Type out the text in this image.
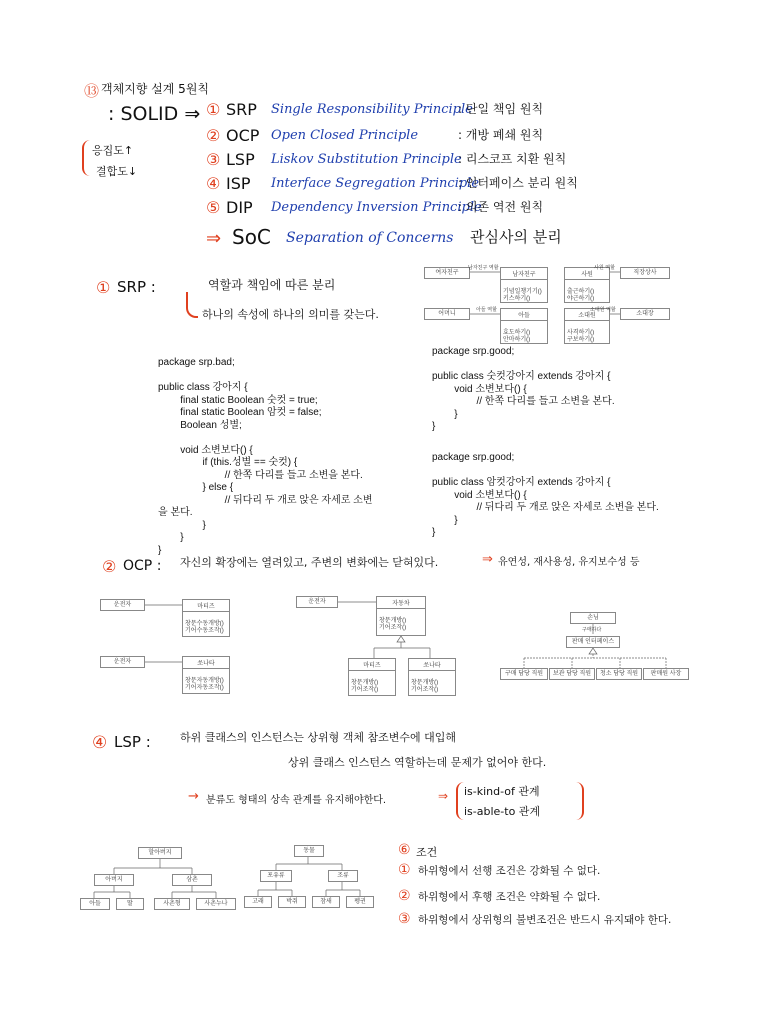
⑬ 객체지향 설계 5원칙
: SOLID ⇒
응집도↑
결합도↓
① SRP Single Responsibility Principle
: 단일 책임 원칙
② OCP Open Closed Principle	: 개방 폐쇄 원칙
③ LSP Liskov Substitution Principle
: 리스코프 치환 원칙
④ ISP Interface Segregation Principle
: 인터페이스 분리 원칙
⑤ DIP Dependency Inversion Principle
: 의존 역전 원칙
⇒ SoC Separation of Concerns 관심사의 분리
① SRP :	역할과 책임에 따른 분리
하나의 속성에 하나의 의미를 갖는다.
여자친구	남자친구
기념일챙기기()
키스하기()
사원
출근하기()
야근하기()
직장상사
어머니	아들
효도하기()
안마하기()
소대원
사격하기()
구보하기()
소대장
남자친구 역할	사원 역할
아들 역할	소대원 역할
package srp.bad;

public class 강아지 {
final static Boolean 숫컷 = true;
final static Boolean 암컷 = false;
Boolean 성별;

void 소변보다() {
if (this.성별 == 숫컷) {
// 한쪽 다리를 들고 소변을 본다.
} else {
// 뒤다리 두 개로 앉은 자세로 소변
을 본다.
}
}
}
package srp.good;

public class 숫컷강아지 extends 강아지 {
void 소변보다() {
// 한쪽 다리를 들고 소변을 본다.
}
}
package srp.good;

public class 암컷강아지 extends 강아지 {
void 소변보다() {
// 뒤다리 두 개로 앉은 자세로 소변을 본다.
}
}
② OCP : 자신의 확장에는 열려있고, 주변의 변화에는 닫혀있다.	⇒ 유연성, 재사용성, 유지보수성 등
운전자	마티즈
창문수동개방()
기어수동조작()
운전자	쏘나타
창문자동개방()
기어자동조작()
운전자	자동차
창문개방()
기어조작()
마티즈
창문개방()
기어조작()
쏘나타
창문개방()
기어조작()
손님
구매하다
판매 인터페이스
구매 담당 직원	보관 담당 직원	청소 담당 직원	판매원 사장
④ LSP :	하위 클래스의 인스턴스는 상위형 객체 참조변수에 대입해
상위 클래스 인스턴스 역할하는데 문제가 없어야 한다.
→ 분류도 형태의 상속 관계를 유지해야한다.	⇒ is-kind-of 관계
is-able-to 관계
할아버지
아버지	삼촌
아들	딸	사촌형	사촌누나
동물
포유류	조류
고래	박쥐	참새	펭귄
⑥ 조건
① 하위형에서 선행 조건은 강화될 수 없다.
② 하위형에서 후행 조건은 약화될 수 없다.
③ 하위형에서 상위형의 불변조건은 반드시 유지돼야 한다.
